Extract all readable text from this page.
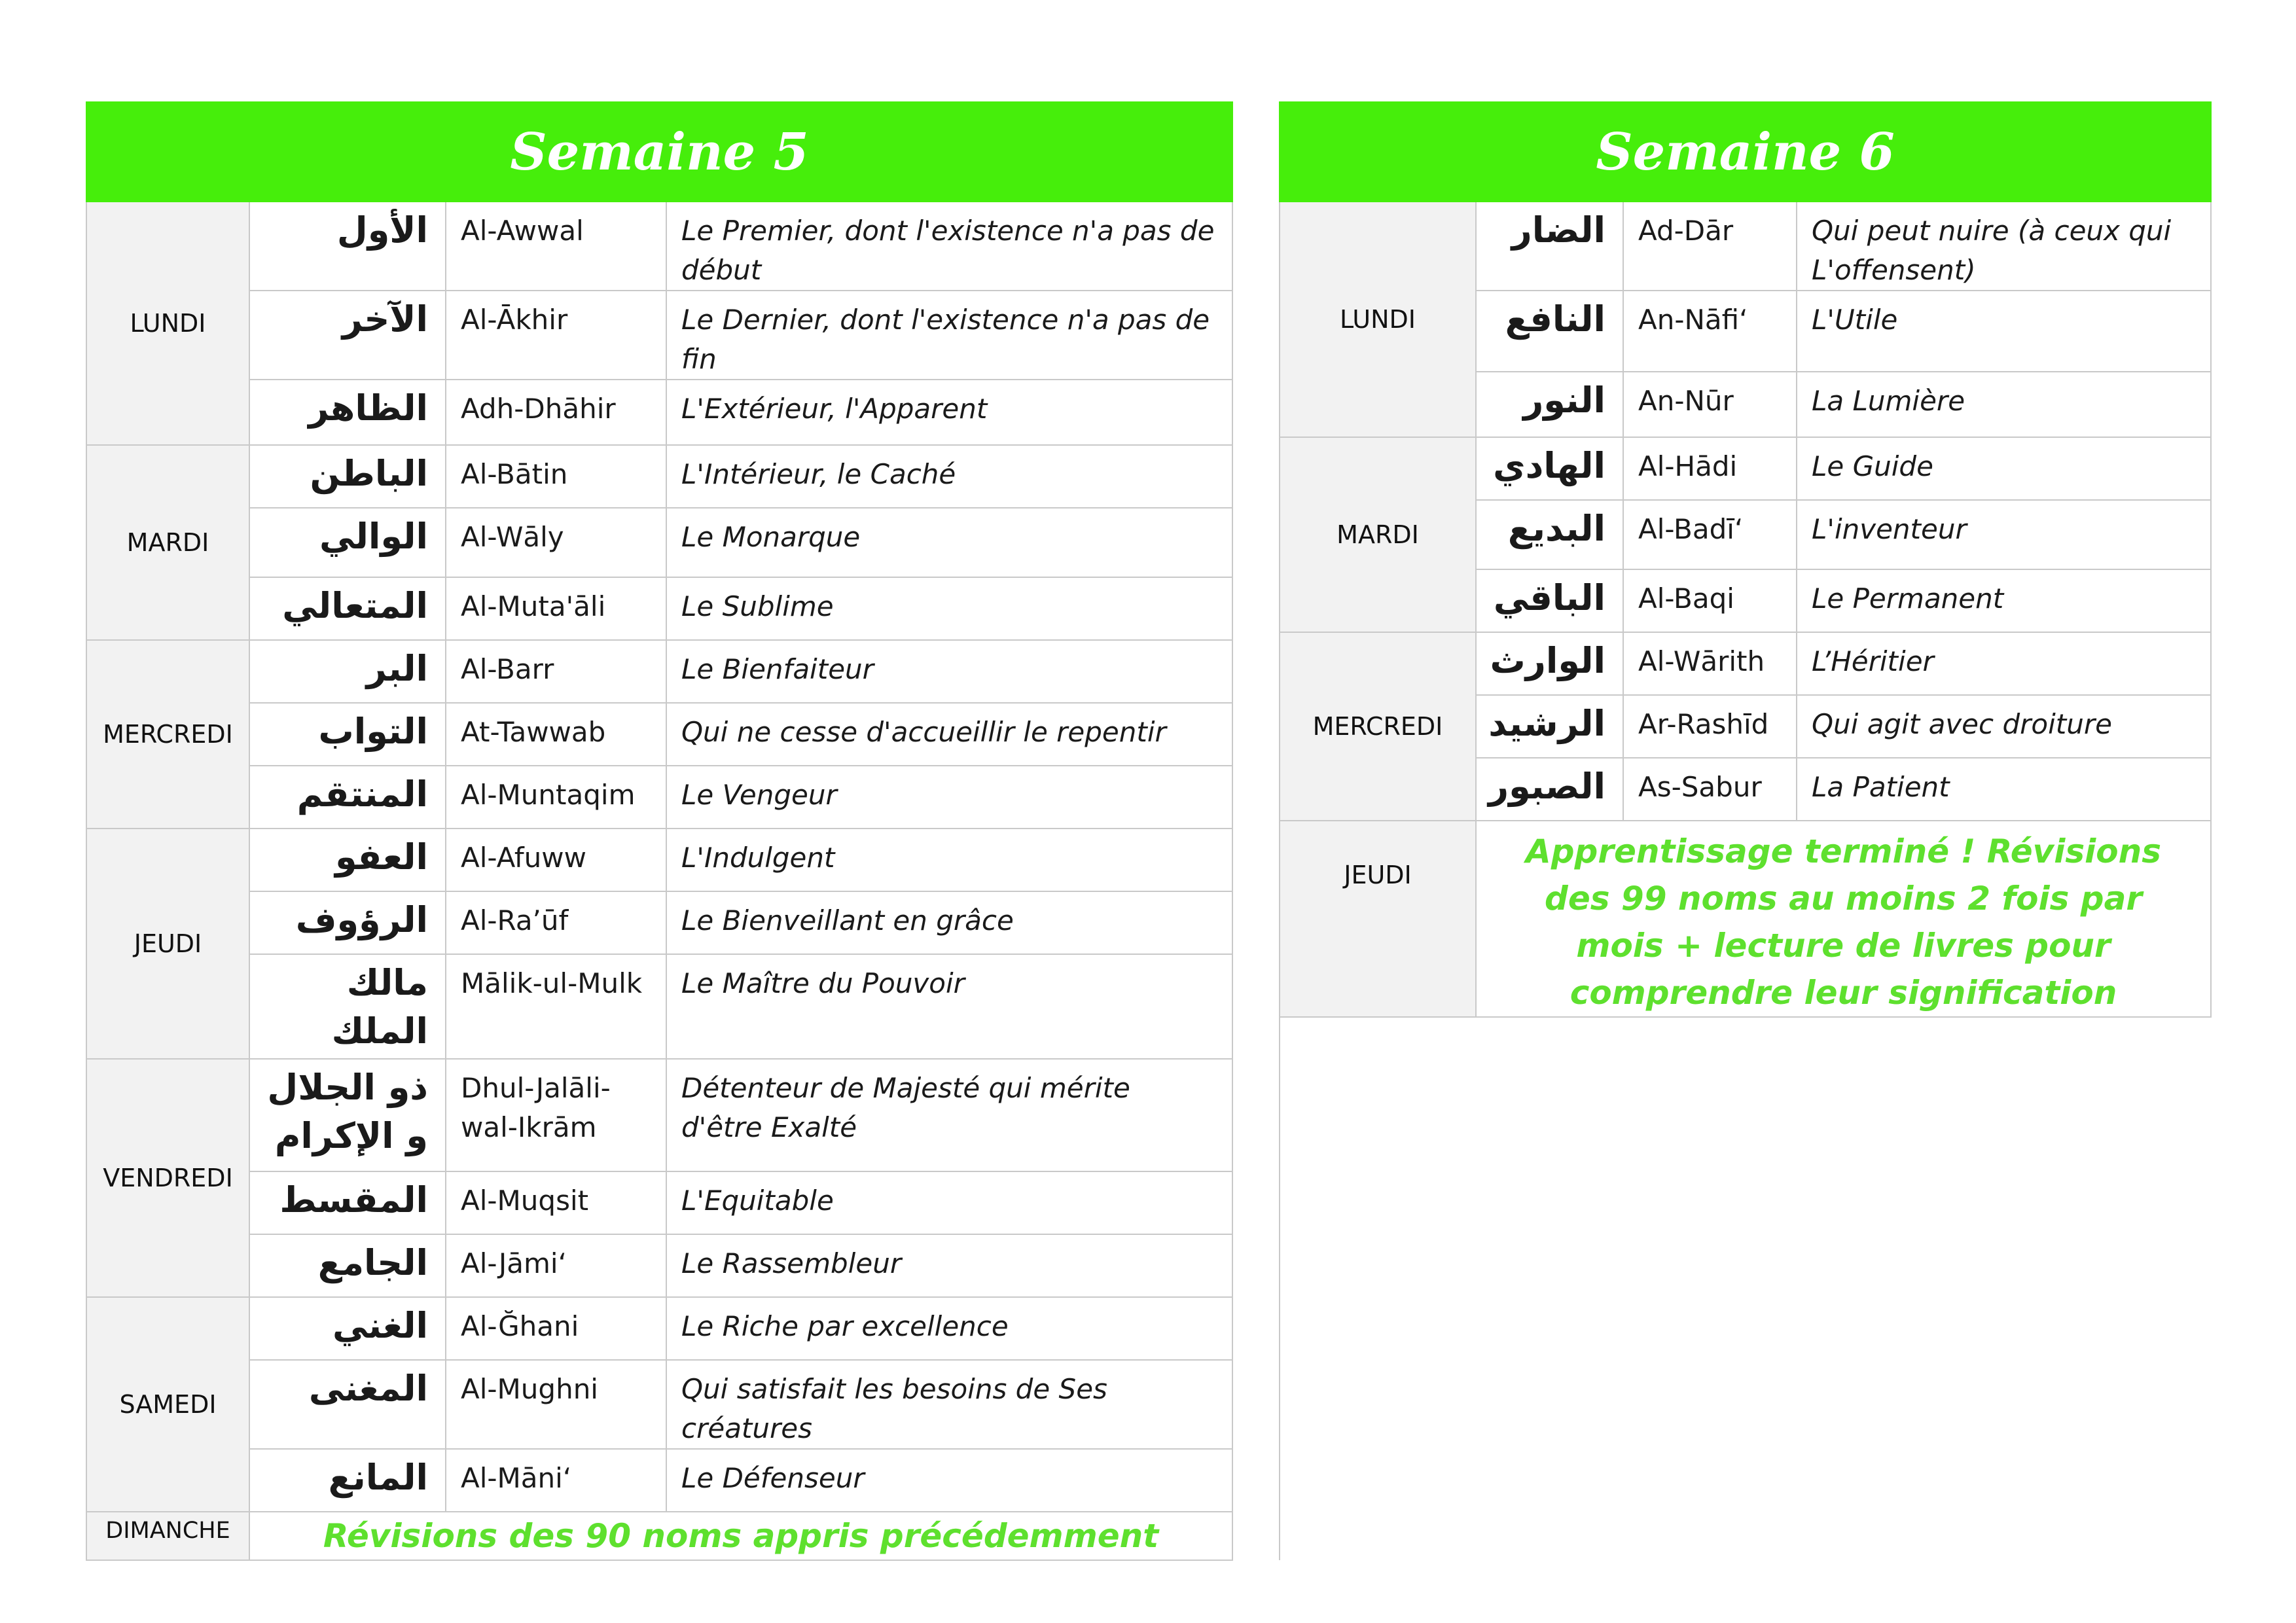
Semaine 5				
LUNDI	الأول	Al-Awwal	Le Premier, dont l'existence n'a pas de début	
	الآخر	Al-Ākhir	Le Dernier, dont l'existence n'a pas de fin	
	الظاهر	Adh-Dhāhir	L'Extérieur, l'Apparent	
MARDI	الباطن	Al-Bātin	L'Intérieur, le Caché	
	الوالي	Al-Wāly	Le Monarque	
	المتعالي	Al-Muta'āli	Le Sublime	
MERCREDI	البر	Al-Barr	Le Bienfaiteur	
	التواب	At-Tawwab	Qui ne cesse d'accueillir le repentir	
	المنتقم	Al-Muntaqim	Le Vengeur	
JEUDI	العفو	Al-Afuww	L'Indulgent	
	الرؤوف	Al-Ra’ūf	Le Bienveillant en grâce	
	مالك الملك	Mālik-ul-Mulk	Le Maître du Pouvoir	
VENDREDI	ذو الجلال و الإكرام	Dhul-Jalāli-wal-Ikrām	Détenteur de Majesté qui mérite d'être Exalté	
	المقسط	Al-Muqsit	L'Equitable	
	الجامع	Al-Jāmi‘	Le Rassembleur	
SAMEDI	الغني	Al-Ğhani	Le Riche par excellence	
	المغنى	Al-Mughni	Qui satisfait les besoins de Ses créatures	
	المانع	Al-Māni‘	Le Défenseur	
DIMANCHE	Révisions des 90 noms appris précédemment			
Semaine 6			
LUNDI	الضار	Ad-Dār	Qui peut nuire (à ceux qui L'offensent)
	النافع	An-Nāfi‘	L'Utile
	النور	An-Nūr	La Lumière
MARDI	الهادي	Al-Hādi	Le Guide
	البديع	Al-Badī‘	L'inventeur
	الباقي	Al-Baqi	Le Permanent
MERCREDI	الوارث	Al-Wārith	L’Héritier
	الرشيد	Ar-Rashīd	Qui agit avec droiture
	الصبور	As-Sabur	La Patient
JEUDI	Apprentissage terminé ! Révisions des 99 noms au moins 2 fois par mois + lecture de livres pour comprendre leur signification		
